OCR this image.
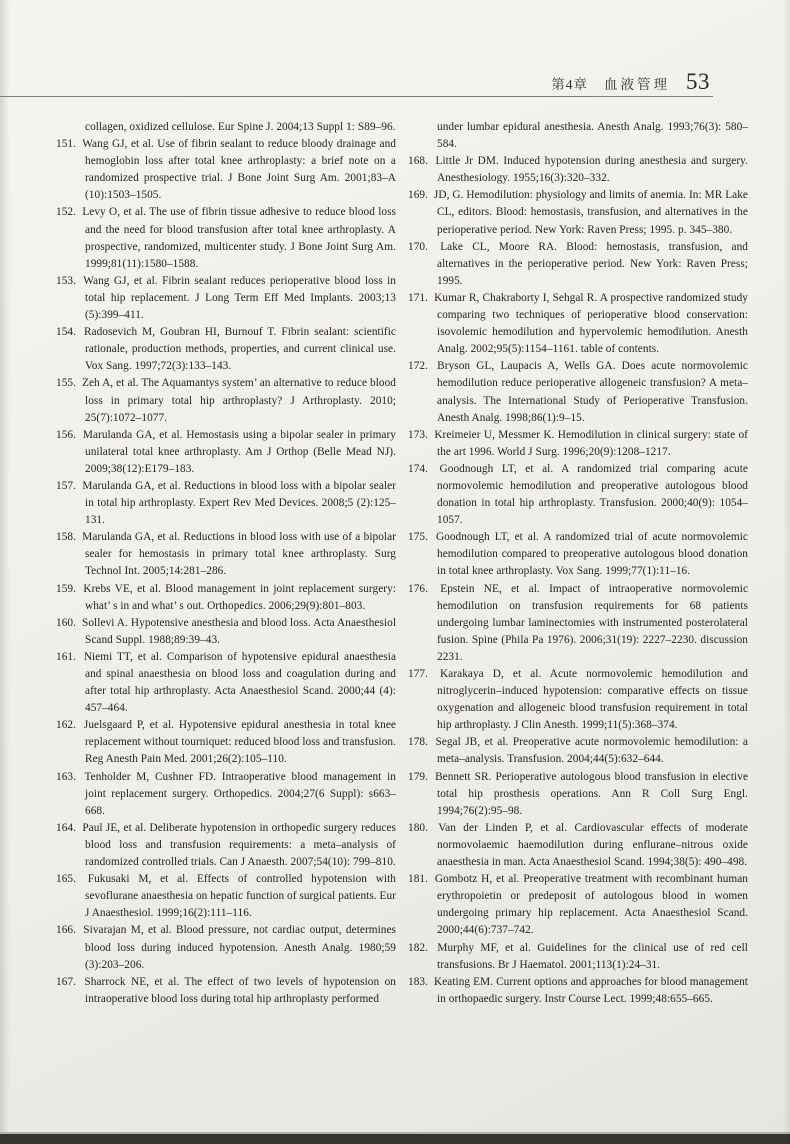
第4章 血液管理 53
collagen, oxidized cellulose. Eur Spine J. 2004;13 Suppl 1: S89–96.
151. Wang GJ, et al. Use of fibrin sealant to reduce bloody drainage and hemoglobin loss after total knee arthroplasty: a brief note on a randomized prospective trial. J Bone Joint Surg Am. 2001;83–A (10):1503–1505.
152. Levy O, et al. The use of fibrin tissue adhesive to reduce blood loss and the need for blood transfusion after total knee arthroplasty. A prospective, randomized, multicenter study. J Bone Joint Surg Am. 1999;81(11):1580–1588.
153. Wang GJ, et al. Fibrin sealant reduces perioperative blood loss in total hip replacement. J Long Term Eff Med Implants. 2003;13 (5):399–411.
154. Radosevich M, Goubran HI, Burnouf T. Fibrin sealant: scientific rationale, production methods, properties, and current clinical use. Vox Sang. 1997;72(3):133–143.
155. Zeh A, et al. The Aquamantys system’ an alternative to reduce blood loss in primary total hip arthroplasty? J Arthroplasty. 2010; 25(7):1072–1077.
156. Marulanda GA, et al. Hemostasis using a bipolar sealer in primary unilateral total knee arthroplasty. Am J Orthop (Belle Mead NJ). 2009;38(12):E179–183.
157. Marulanda GA, et al. Reductions in blood loss with a bipolar sealer in total hip arthroplasty. Expert Rev Med Devices. 2008;5 (2):125–131.
158. Marulanda GA, et al. Reductions in blood loss with use of a bipolar sealer for hemostasis in primary total knee arthroplasty. Surg Technol Int. 2005;14:281–286.
159. Krebs VE, et al. Blood management in joint replacement surgery: what’ s in and what’ s out. Orthopedics. 2006;29(9):801–803.
160. Sollevi A. Hypotensive anesthesia and blood loss. Acta Anaesthesiol Scand Suppl. 1988;89:39–43.
161. Niemi TT, et al. Comparison of hypotensive epidural anaesthesia and spinal anaesthesia on blood loss and coagulation during and after total hip arthroplasty. Acta Anaesthesiol Scand. 2000;44 (4): 457–464.
162. Juelsgaard P, et al. Hypotensive epidural anesthesia in total knee replacement without tourniquet: reduced blood loss and transfusion. Reg Anesth Pain Med. 2001;26(2):105–110.
163. Tenholder M, Cushner FD. Intraoperative blood management in joint replacement surgery. Orthopedics. 2004;27(6 Suppl): s663–668.
164. Paul JE, et al. Deliberate hypotension in orthopedic surgery reduces blood loss and transfusion requirements: a meta–analysis of randomized controlled trials. Can J Anaesth. 2007;54(10): 799–810.
165. Fukusaki M, et al. Effects of controlled hypotension with sevoflurane anaesthesia on hepatic function of surgical patients. Eur J Anaesthesiol. 1999;16(2):111–116.
166. Sivarajan M, et al. Blood pressure, not cardiac output, determines blood loss during induced hypotension. Anesth Analg. 1980;59 (3):203–206.
167. Sharrock NE, et al. The effect of two levels of hypotension on intraoperative blood loss during total hip arthroplasty performed
under lumbar epidural anesthesia. Anesth Analg. 1993;76(3): 580–584.
168. Little Jr DM. Induced hypotension during anesthesia and surgery. Anesthesiology. 1955;16(3):320–332.
169. JD, G. Hemodilution: physiology and limits of anemia. In: MR Lake CL, editors. Blood: hemostasis, transfusion, and alternatives in the perioperative period. New York: Raven Press; 1995. p. 345–380.
170. Lake CL, Moore RA. Blood: hemostasis, transfusion, and alternatives in the perioperative period. New York: Raven Press; 1995.
171. Kumar R, Chakraborty I, Sehgal R. A prospective randomized study comparing two techniques of perioperative blood conservation: isovolemic hemodilution and hypervolemic hemodilution. Anesth Analg. 2002;95(5):1154–1161. table of contents.
172. Bryson GL, Laupacis A, Wells GA. Does acute normovolemic hemodilution reduce perioperative allogeneic transfusion? A meta–analysis. The International Study of Perioperative Transfusion. Anesth Analg. 1998;86(1):9–15.
173. Kreimeier U, Messmer K. Hemodilution in clinical surgery: state of the art 1996. World J Surg. 1996;20(9):1208–1217.
174. Goodnough LT, et al. A randomized trial comparing acute normovolemic hemodilution and preoperative autologous blood donation in total hip arthroplasty. Transfusion. 2000;40(9): 1054–1057.
175. Goodnough LT, et al. A randomized trial of acute normovolemic hemodilution compared to preoperative autologous blood donation in total knee arthroplasty. Vox Sang. 1999;77(1):11–16.
176. Epstein NE, et al. Impact of intraoperative normovolemic hemodilution on transfusion requirements for 68 patients undergoing lumbar laminectomies with instrumented posterolateral fusion. Spine (Phila Pa 1976). 2006;31(19): 2227–2230. discussion 2231.
177. Karakaya D, et al. Acute normovolemic hemodilution and nitroglycerin–induced hypotension: comparative effects on tissue oxygenation and allogeneic blood transfusion requirement in total hip arthroplasty. J Clin Anesth. 1999;11(5):368–374.
178. Segal JB, et al. Preoperative acute normovolemic hemodilution: a meta–analysis. Transfusion. 2004;44(5):632–644.
179. Bennett SR. Perioperative autologous blood transfusion in elective total hip prosthesis operations. Ann R Coll Surg Engl. 1994;76(2):95–98.
180. Van der Linden P, et al. Cardiovascular effects of moderate normovolaemic haemodilution during enflurane–nitrous oxide anaesthesia in man. Acta Anaesthesiol Scand. 1994;38(5): 490–498.
181. Gombotz H, et al. Preoperative treatment with recombinant human erythropoietin or predeposit of autologous blood in women undergoing primary hip replacement. Acta Anaesthesiol Scand. 2000;44(6):737–742.
182. Murphy MF, et al. Guidelines for the clinical use of red cell transfusions. Br J Haematol. 2001;113(1):24–31.
183. Keating EM. Current options and approaches for blood management in orthopaedic surgery. Instr Course Lect. 1999;48:655–665.
